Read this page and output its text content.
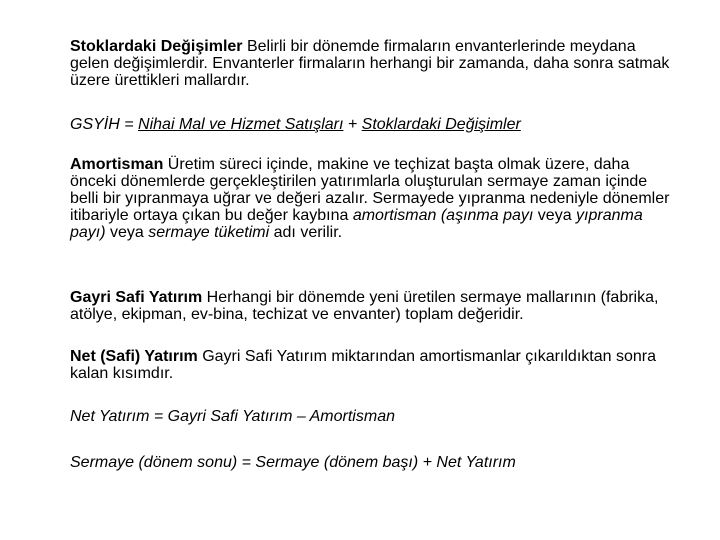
Stoklardaki Değişimler Belirli bir dönemde firmaların envanterlerinde meydana gelen değişimlerdir. Envanterler firmaların herhangi bir zamanda, daha sonra satmak üzere ürettikleri mallardır.

GSYİH = Nihai Mal ve Hizmet Satışları + Stoklardaki Değişimler

Amortisman Üretim süreci içinde, makine ve teçhizat başta olmak üzere, daha önceki dönemlerde gerçekleştirilen yatırımlarla oluşturulan sermaye zaman içinde belli bir yıpranmaya uğrar ve değeri azalır. Sermayede yıpranma nedeniyle dönemler itibariyle ortaya çıkan bu değer kaybına amortisman (aşınma payı veya yıpranma payı) veya sermaye tüketimi adı verilir.

Gayri Safi Yatırım Herhangi bir dönemde yeni üretilen sermaye mallarının (fabrika, atölye, ekipman, ev-bina, techizat ve envanter) toplam değeridir.

Net (Safi) Yatırım Gayri Safi Yatırım miktarından amortismanlar çıkarıldıktan sonra kalan kısımdır.

Net Yatırım = Gayri Safi Yatırım – Amortisman

Sermaye (dönem sonu) = Sermaye (dönem başı) + Net Yatırım
